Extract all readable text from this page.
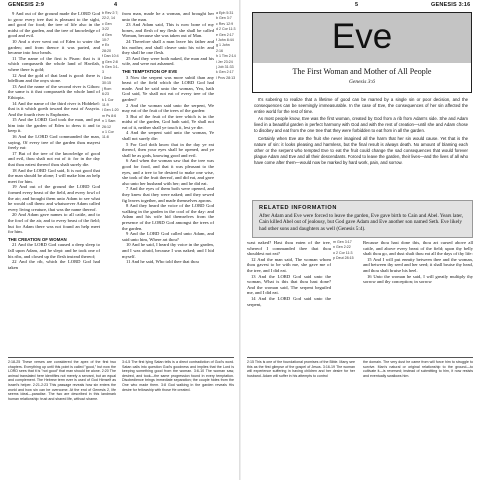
GENESIS 2:9	4

9 And out of the ground made the LORD God to grow every tree that is pleasant to the sight, and good for food; the tree of life also in the midst of the garden, and the tree of knowledge of good and evil.

10 And a river went out of Eden to water the garden; and from thence it was parted, and became into four heads.

11 The name of the first is Pison: that is it which compasseth the whole land of Havilah, where there is gold;

12 And the gold of that land is good: there is bdellium and the onyx stone.

13 And the name of the second river is Gihon: the same is it that compasseth the whole land of Ethiopia.

14 And the name of the third river is Hiddekel: that is it which goeth toward the east of Assyria. And the fourth river is Euphrates.

15 And the LORD God took the man, and put him into the garden of Eden to dress it and to keep it.

16 And the LORD God commanded the man, saying, Of every tree of the garden thou mayest freely eat:

17 But of the tree of the knowledge of good and evil, thou shalt not eat of it: for in the day that thou eatest thereof thou shalt surely die.

18 And the LORD God said, It is not good that the man should be alone; I will make him an help meet for him.

19 And out of the ground the LORD God formed every beast of the field, and every fowl of the air; and brought them unto Adam to see what he would call them: and whatsoever Adam called every living creature, that was the name thereof.

20 And Adam gave names to all cattle, and to the fowl of the air, and to every beast of the field; but for Adam there was not found an help meet for him.

THE CREATION OF WOMAN

21 And the LORD God caused a deep sleep to fall upon Adam, and he slept: and he took one of his ribs, and closed up the flesh instead thereof;

22 And the rib, which the LORD God had taken

b Rev 2:7; 22:2, 14
c Gen 3:22
d Gen 10:7
e Ex 28:20
f Dan 10:4
g Gen 2:8
h Gen 3:1-3
i Deut 30:15
j Rom 6:23
k 1 Cor 11:9
l Gen 1:20
m Ps 8:6
n 1 Sam 26:12
o 1 Cor 11:8

from man, made he a woman, and brought her unto the man.

23 And Adam said, This is now bone of my bones, and flesh of my flesh: she shall be called Woman, because she was taken out of Man.

24 Therefore shall a man leave his father and his mother, and shall cleave unto his wife: and they shall be one flesh.

25 And they were both naked, the man and his wife, and were not ashamed.

THE TEMPTATION OF EVE

3 Now the serpent was more subtil than any beast of the field which the LORD God had made. And he said unto the woman, Yea, hath God said, Ye shall not eat of every tree of the garden?

2 And the woman said unto the serpent, We may eat of the fruit of the trees of the garden:

3 But of the fruit of the tree which is in the midst of the garden, God hath said, Ye shall not eat of it, neither shall ye touch it, lest ye die.

4 And the serpent said unto the woman, Ye shall not surely die:

5 For God doth know that in the day ye eat thereof, then your eyes shall be opened, and ye shall be as gods, knowing good and evil.

6 And when the woman saw that the tree was good for food, and that it was pleasant to the eyes, and a tree to be desired to make one wise, she took of the fruit thereof, and did eat, and gave also unto her husband with her; and he did eat.

7 And the eyes of them both were opened, and they knew that they were naked; and they sewed fig leaves together, and made themselves aprons.

8 And they heard the voice of the LORD God walking in the garden in the cool of the day: and Adam and his wife hid themselves from the presence of the LORD God amongst the trees of the garden.

9 And the LORD God called unto Adam, and said unto him, Where art thou?

10 And he said, I heard thy voice in the garden, and I was afraid, because I was naked; and I hid myself.

11 And he said, Who told thee that thou

a Eph 5:31
b Gen 3:7
c Rev 12:9
d 2 Cor 11:3
e Gen 2:17
f John 8:44
g 1 John 2:16
h 1 Tim 2:14
i Jer 23:24
j Job 31:33
k Gen 2:17
l Prov 28:13
2:18-25 These verses are considered the apex of the first two chapters. Everything up until this point is called "good," but now the LORD sees that it is "not good" that man should be alone. 2:20 The animal translated here identifies not merely a servant, but an equal and complement. The Hebrew term ezer is used of God Himself as Israel's helper. 2:21-2:23 This passage reveals how sin enters the world and how sin can be overcome. At the end of Genesis 2, life seems ideal—paradise. The two are described in this landmark human relationship: trust and shared life, without shame.
3:4-5 The first lying Satan tells is a direct contradiction of God's word. Satan calls into question God's goodness and implies that the Lord is keeping something good from the woman. 3:6-10 The woman saw, desired, and took—the same progression found in every temptation. Disobedience brings immediate separation; the couple hides from the One who made them. 3:8 God walking in the garden reveals His desire for fellowship with those He created.
5	GENESIS 3:16
Eve
The First Woman and Mother of All People
Genesis 3:6

It's sobering to realize that a lifetime of good can be marred by a single sin or poor decision, and the consequences can be seemingly immeasurable. In the case of Eve, the consequences of her sin affected the entire world for the rest of time.

As most people know, Eve was the first woman, created by God from a rib from Adam's side. She and Adam lived in a beautiful garden in perfect harmony with God and with the rest of creation—until she and Adam chose to disobey and eat from the one tree that they were forbidden to eat from in all the garden.

Certainly when Eve ate the fruit she never imagined all the harm that her sin would cause. Yet that is the nature of sin: it looks pleasing and harmless, but the final result is always death. No amount of blaming each other or the serpent who tempted Eve to eat the fruit could change the sad consequences that would forever plague Adam and Eve and all their descendants. Forced to leave the garden, their lives—and the lives of all who have come after them—would now be marked by hard work, pain, and sorrow.

RELATED INFORMATION
After Adam and Eve were forced to leave the garden, Eve gave birth to Cain and Abel. Years later, Cain killed Abel out of jealousy, but God gave Adam and Eve another son named Seth. Eve likely had other sons and daughters as well (Genesis 5:4).

wast naked? Hast thou eaten of the tree, whereof I commanded thee that thou shouldest not eat?

12 And the man said, The woman whom thou gavest to be with me, she gave me of the tree, and I did eat.

13 And the LORD God said unto the woman, What is this that thou hast done? And the woman said, The serpent beguiled me, and I did eat.

14 And the LORD God said unto the serpent,

m Gen 3:17
n Gen 2:22
o 2 Cor 11:3
p Deut 28:15

Because thou hast done this, thou art cursed above all cattle, and above every beast of the field; upon thy belly shalt thou go, and dust shalt thou eat all the days of thy life:

15 And I will put enmity between thee and the woman, and between thy seed and her seed; it shall bruise thy head, and thou shalt bruise his heel.

16 Unto the woman he said, I will greatly multiply thy sorrow and thy conception; in sorrow

2:15 This is one of the foundational promises of the Bible. Many see this as the first glimpse of the gospel of Jesus. 3:16-19 The woman will experience suffering in having children and her desire for her husband. Adam will suffer in his attempts to control
the domain. The very dust he came from will force him to struggle to survive. Man's natural or original relationship to the ground—to cultivate it—is reversed; instead of submitting to him, it now resists and eventually swallows him.
